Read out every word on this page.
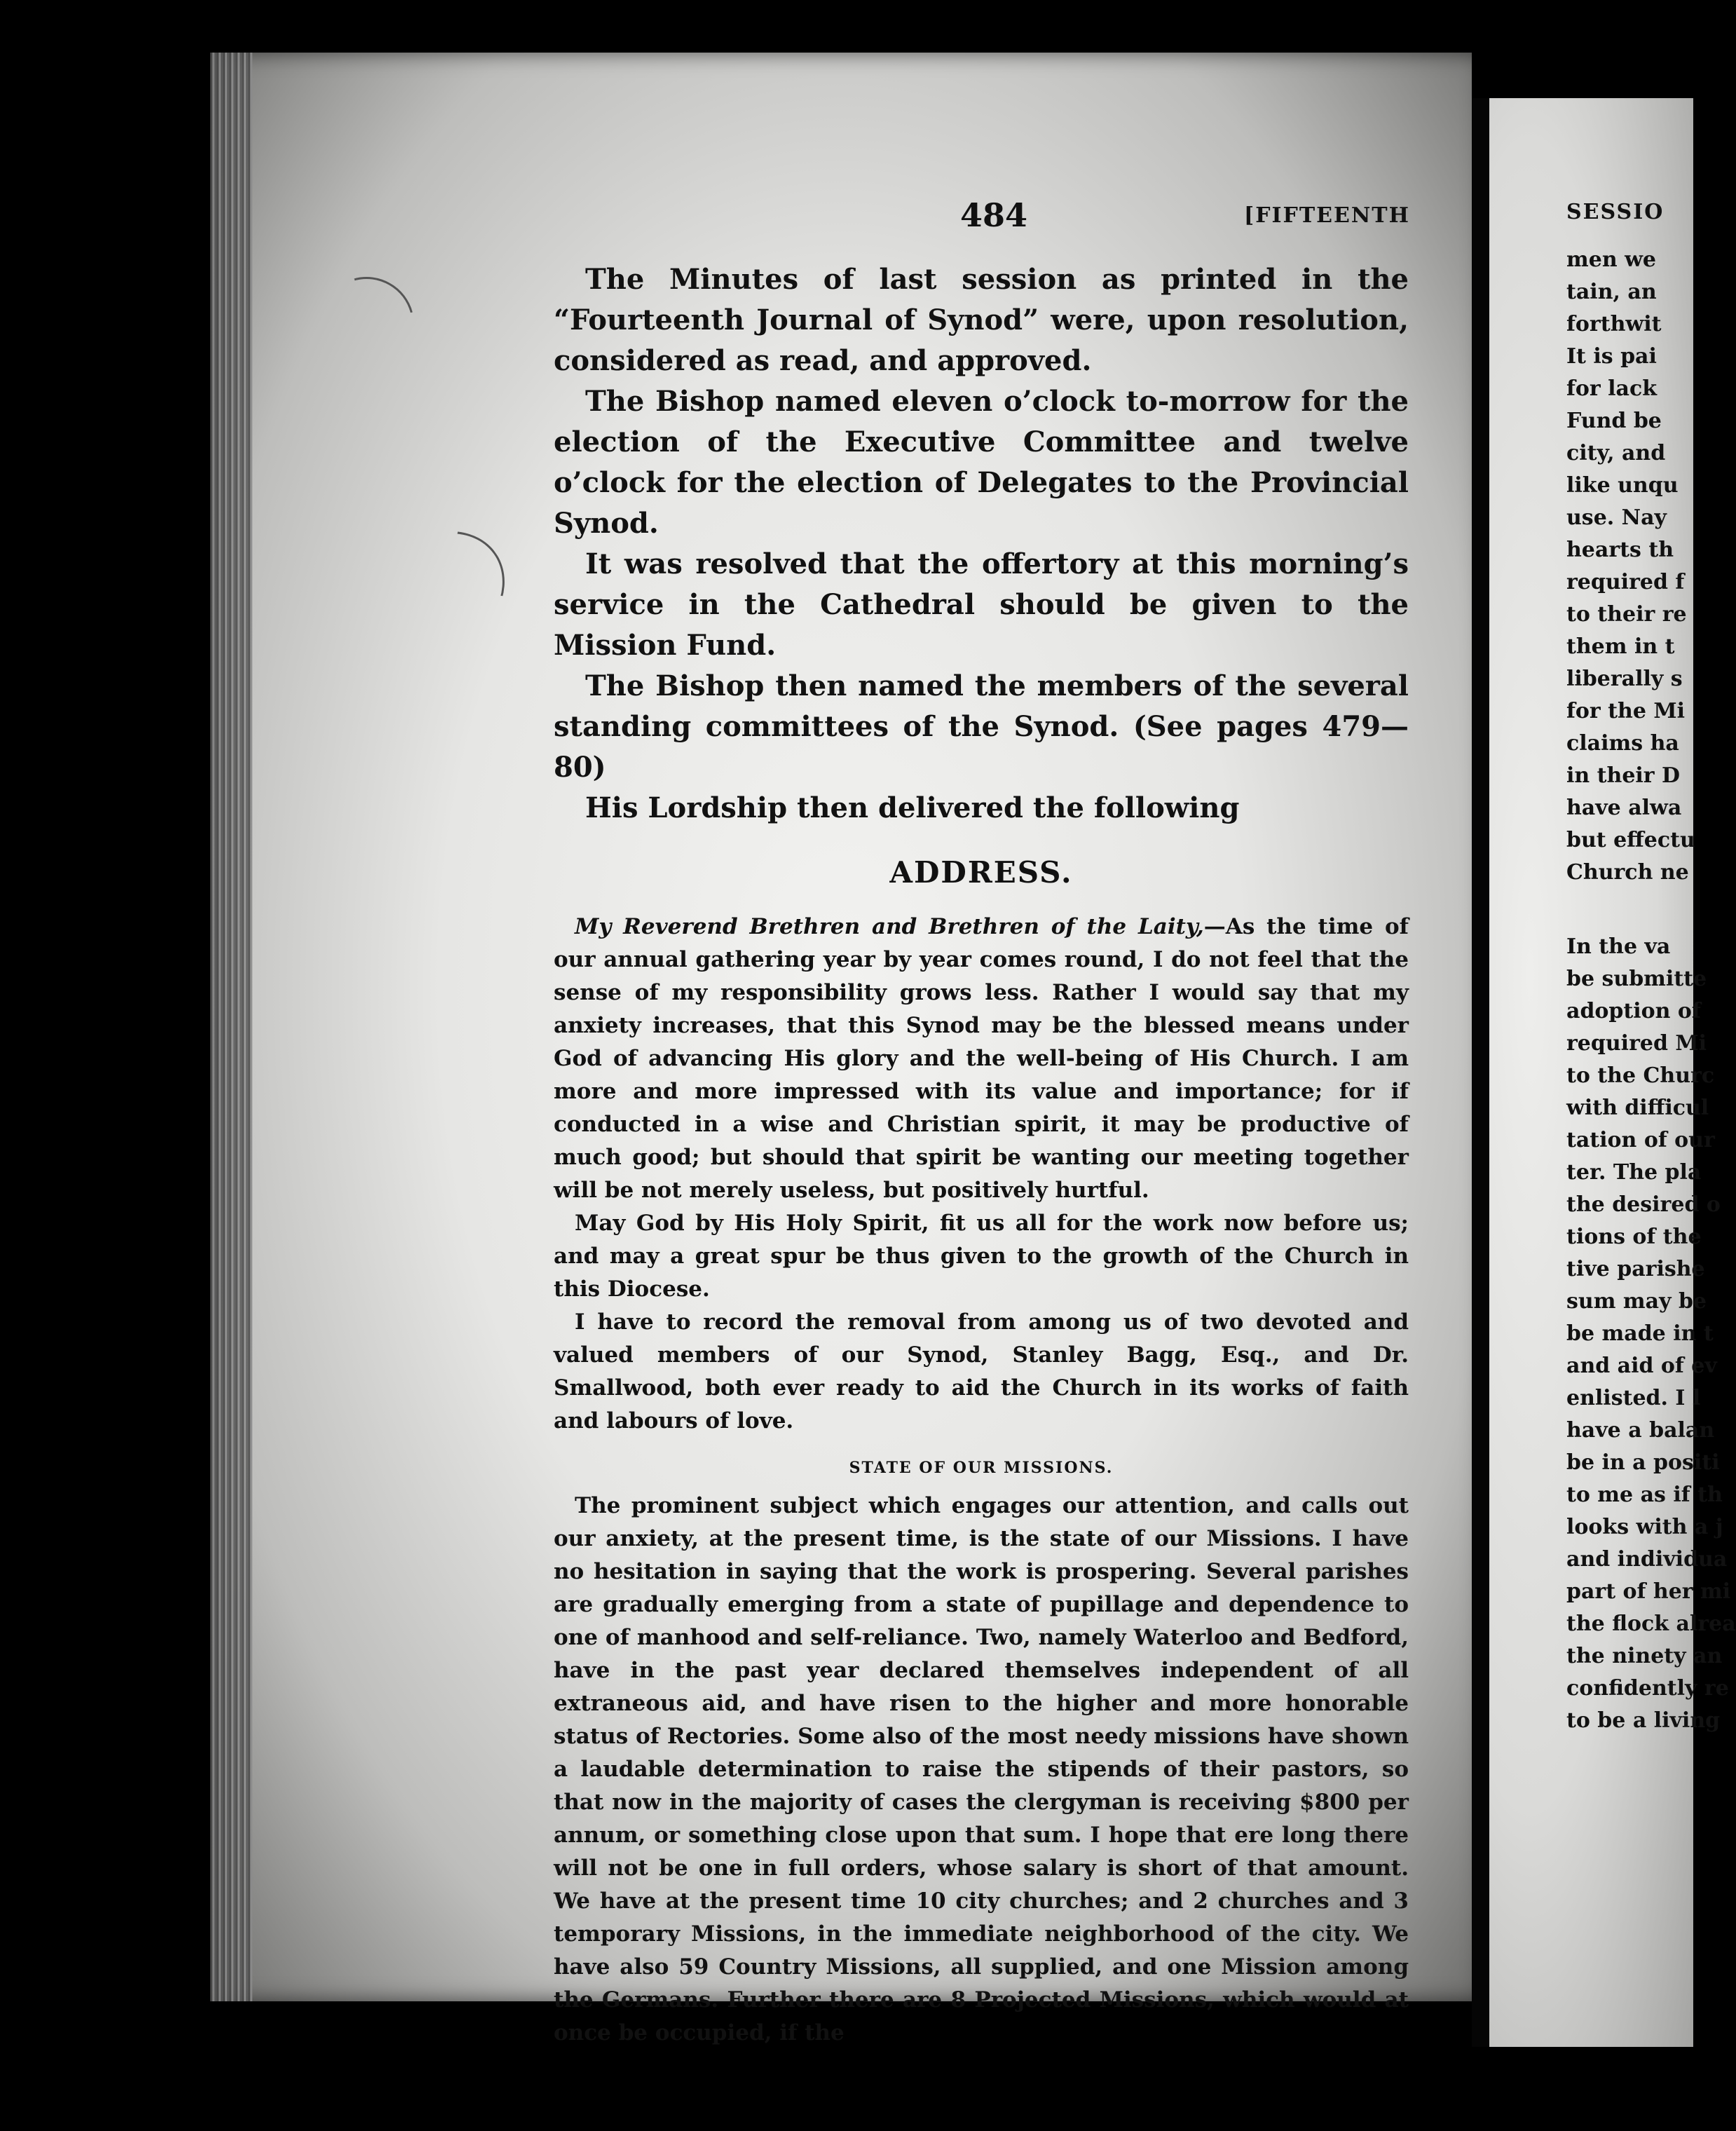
484	[FIFTEENTH

The Minutes of last session as printed in the “Fourteenth Journal of Synod” were, upon resolution, considered as read, and approved.

The Bishop named eleven o’clock to-morrow for the election of the Executive Committee and twelve o’clock for the election of Delegates to the Provincial Synod.

It was resolved that the offertory at this morning’s service in the Cathedral should be given to the Mission Fund.

The Bishop then named the members of the several standing committees of the Synod. (See pages 479—80)

His Lordship then delivered the following

ADDRESS.

My Reverend Brethren and Brethren of the Laity,—As the time of our annual gathering year by year comes round, I do not feel that the sense of my responsibility grows less. Rather I would say that my anxiety increases, that this Synod may be the blessed means under God of advancing His glory and the well-being of His Church. I am more and more impressed with its value and importance; for if conducted in a wise and Christian spirit, it may be productive of much good; but should that spirit be wanting our meeting together will be not merely useless, but positively hurtful.

May God by His Holy Spirit, fit us all for the work now before us; and may a great spur be thus given to the growth of the Church in this Diocese.

I have to record the removal from among us of two devoted and valued members of our Synod, Stanley Bagg, Esq., and Dr. Smallwood, both ever ready to aid the Church in its works of faith and labours of love.

STATE OF OUR MISSIONS.

The prominent subject which engages our attention, and calls out our anxiety, at the present time, is the state of our Missions. I have no hesitation in saying that the work is prospering. Several parishes are gradually emerging from a state of pupillage and dependence to one of manhood and self-reliance. Two, namely Waterloo and Bedford, have in the past year declared themselves independent of all extraneous aid, and have risen to the higher and more honorable status of Rectories. Some also of the most needy missions have shown a laudable determination to raise the stipends of their pastors, so that now in the majority of cases the clergyman is receiving $800 per annum, or something close upon that sum. I hope that ere long there will not be one in full orders, whose salary is short of that amount. We have at the present time 10 city churches; and 2 churches and 3 temporary Missions, in the immediate neighborhood of the city. We have also 59 Country Missions, all supplied, and one Mission among the Germans. Further there are 8 Projected Missions, which would at once be occupied, if the

SESSIO
men we
tain, an
forthwit
It is pai
for lack
Fund be
city, and
like unqu
use. Nay
hearts th
required f
to their re
them in t
liberally s
for the Mi
claims ha
in their D
have alwa
but effectu
Church ne
In the va
be submitte
adoption of
required Mi
to the Churc
with difficul
tation of our
ter. The pla
the desired o
tions of the
tive parishe
sum may be
be made in t
and aid of ev
enlisted. I l
have a balan
be in a positi
to me as if th
looks with a j
and individua
part of her mi
the flock alrea
the ninety an
confidently re
to be a living
